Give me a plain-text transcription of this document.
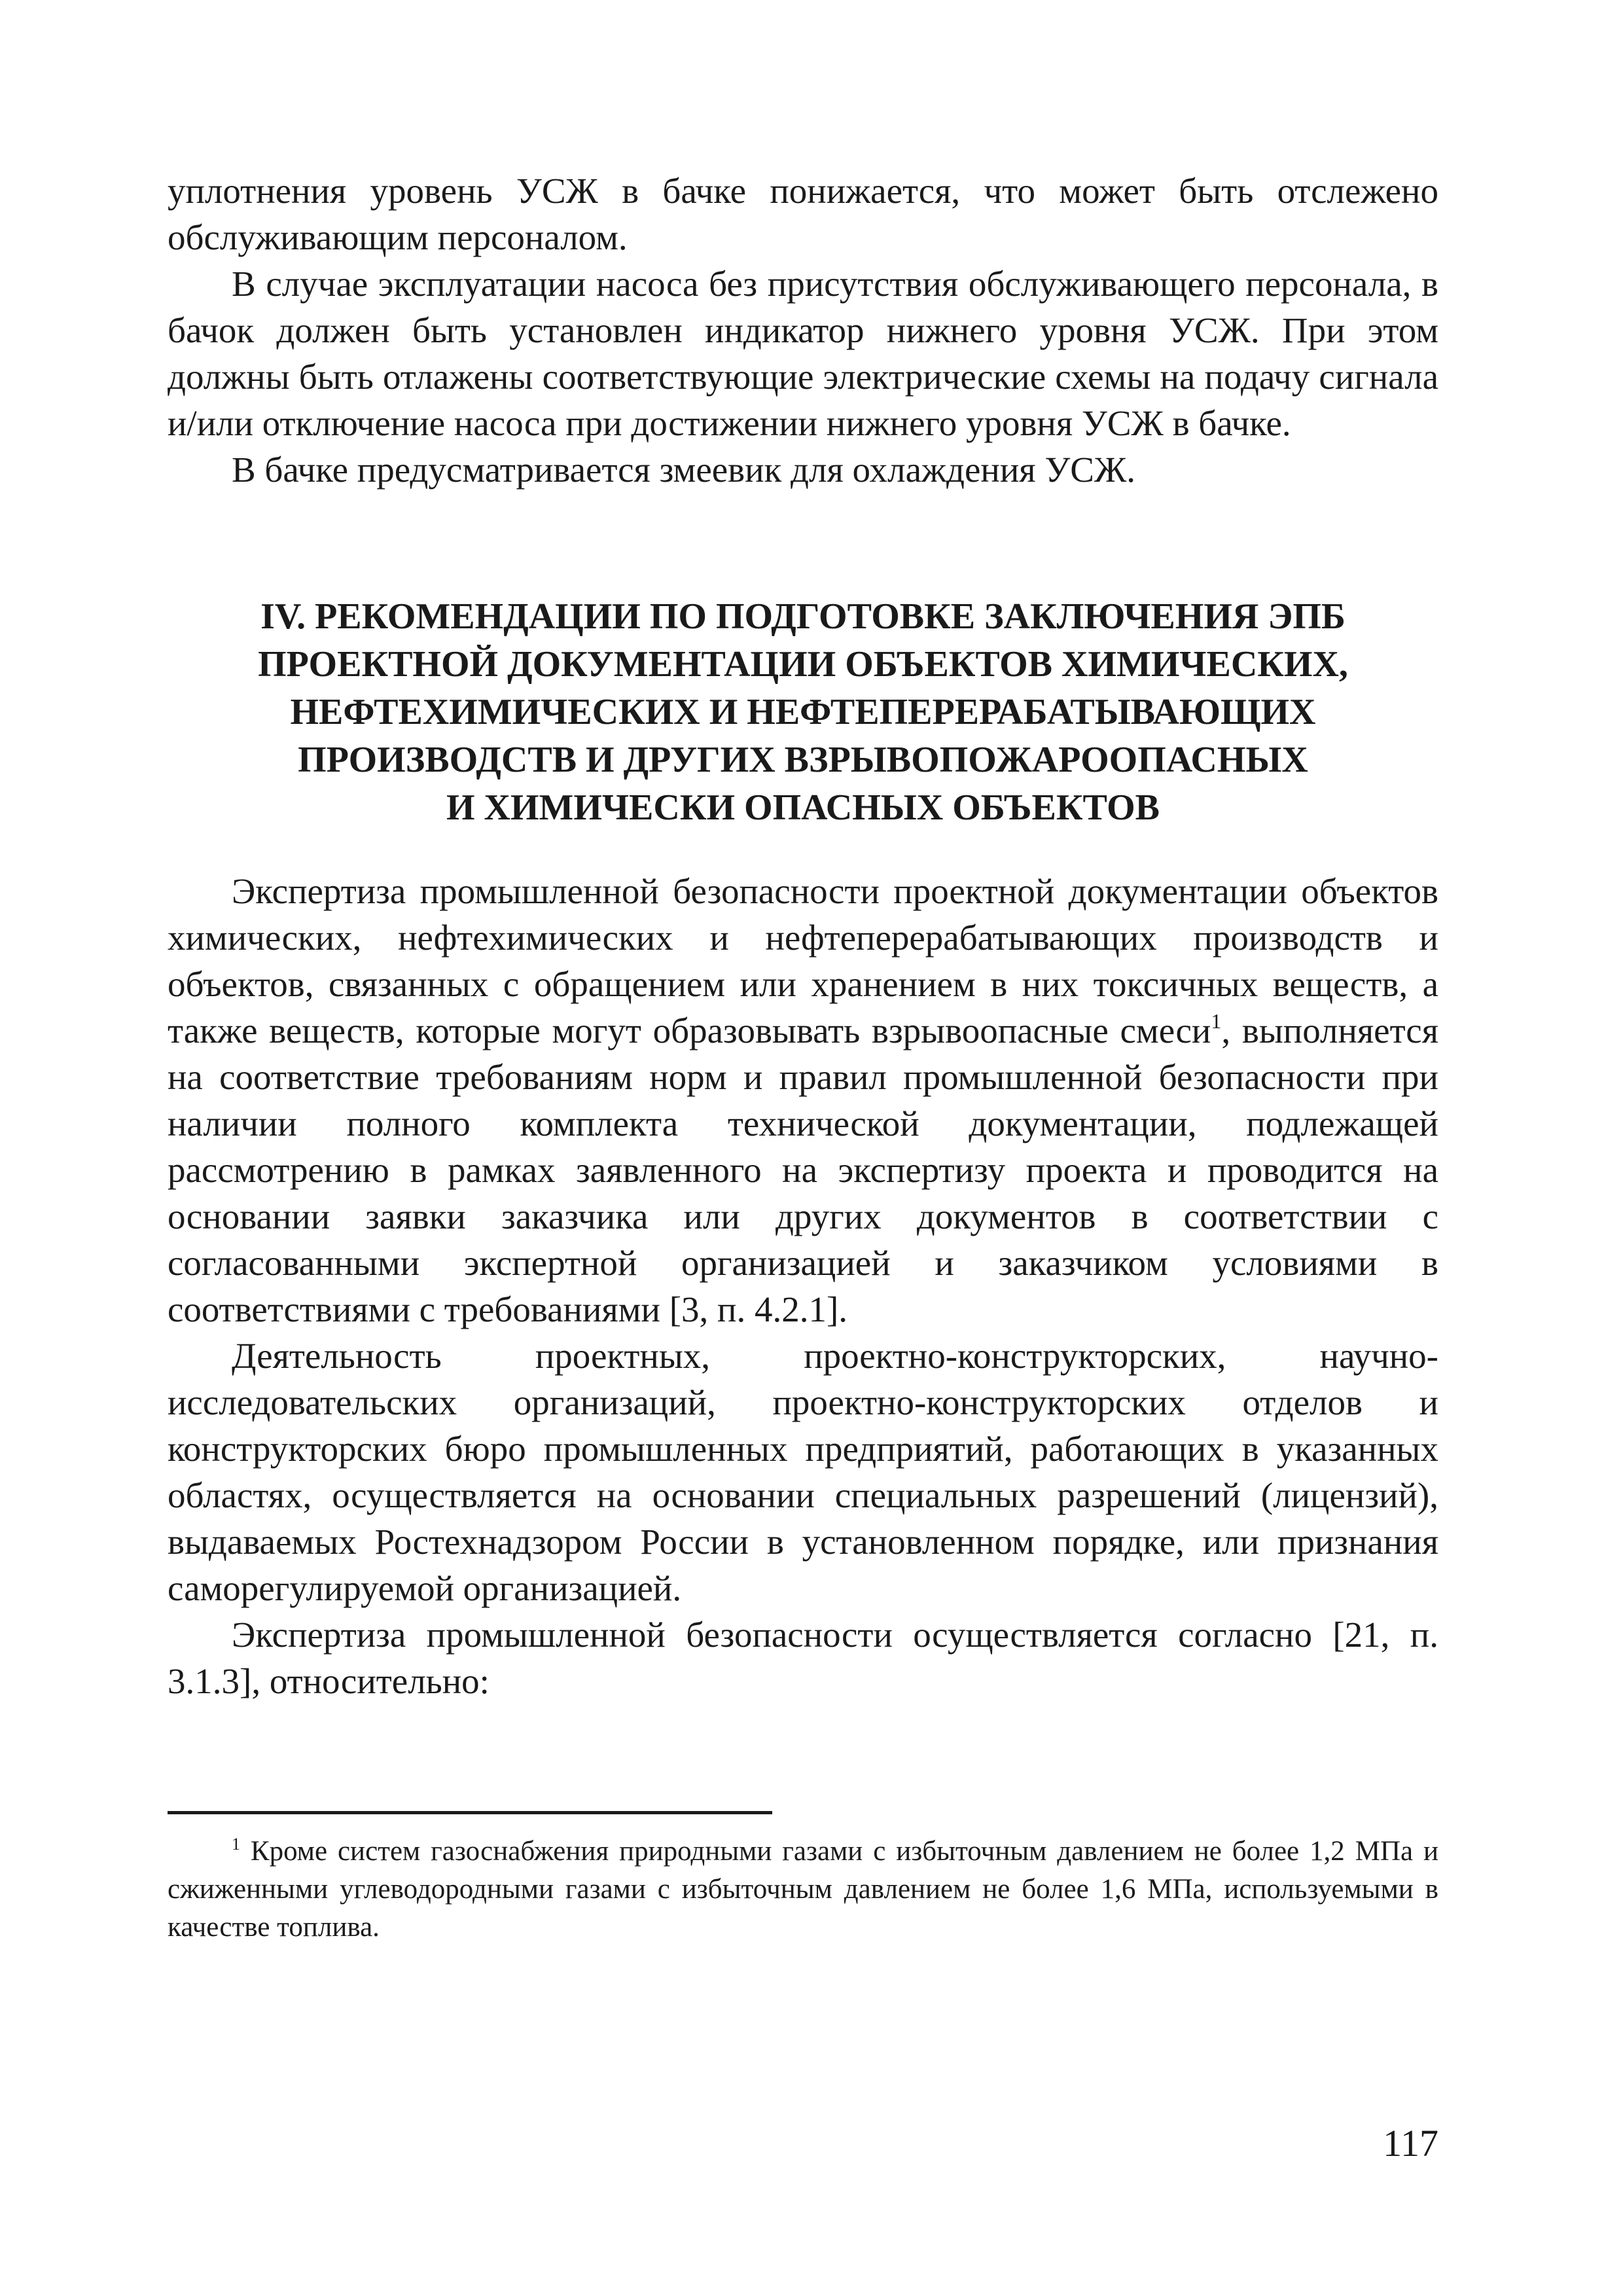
уплотнения уровень УСЖ в бачке понижается, что может быть отслежено обслуживающим персоналом.

В случае эксплуатации насоса без присутствия обслуживающего персонала, в бачок должен быть установлен индикатор нижнего уровня УСЖ. При этом должны быть отлажены соответствующие электрические схемы на подачу сигнала и/или отключение насоса при достижении нижнего уровня УСЖ в бачке.

В бачке предусматривается змеевик для охлаждения УСЖ.

IV. РЕКОМЕНДАЦИИ ПО ПОДГОТОВКЕ ЗАКЛЮЧЕНИЯ ЭПБ
ПРОЕКТНОЙ ДОКУМЕНТАЦИИ ОБЪЕКТОВ ХИМИЧЕСКИХ,
НЕФТЕХИМИЧЕСКИХ И НЕФТЕПЕРЕРАБАТЫВАЮЩИХ
ПРОИЗВОДСТВ И ДРУГИХ ВЗРЫВОПОЖАРООПАСНЫХ
И ХИМИЧЕСКИ ОПАСНЫХ ОБЪЕКТОВ

Экспертиза промышленной безопасности проектной документации объектов химических, нефтехимических и нефтеперерабатывающих производств и объектов, связанных с обращением или хранением в них токсичных веществ, а также веществ, которые могут образовывать взрывоопасные смеси$^1$, выполняется на соответствие требованиям норм и правил промышленной безопасности при наличии полного комплекта технической документации, подлежащей рассмотрению в рамках заявленного на экспертизу проекта и проводится на основании заявки заказчика или других документов в соответствии с согласованными экспертной организацией и заказчиком условиями в соответствиями с требованиями [3, п. 4.2.1].

Деятельность проектных, проектно-конструкторских, научно-исследовательских организаций, проектно-конструкторских отделов и конструкторских бюро промышленных предприятий, работающих в указанных областях, осуществляется на основании специальных разрешений (лицензий), выдаваемых Ростехнадзором России в установленном порядке, или признания саморегулируемой организацией.

Экспертиза промышленной безопасности осуществляется согласно [21, п. 3.1.3], относительно:

$^1$ Кроме систем газоснабжения природными газами с избыточным давлением не более 1,2 МПа и сжиженными углеводородными газами с избыточным давлением не более 1,6 МПа, используемыми в качестве топлива.
117
